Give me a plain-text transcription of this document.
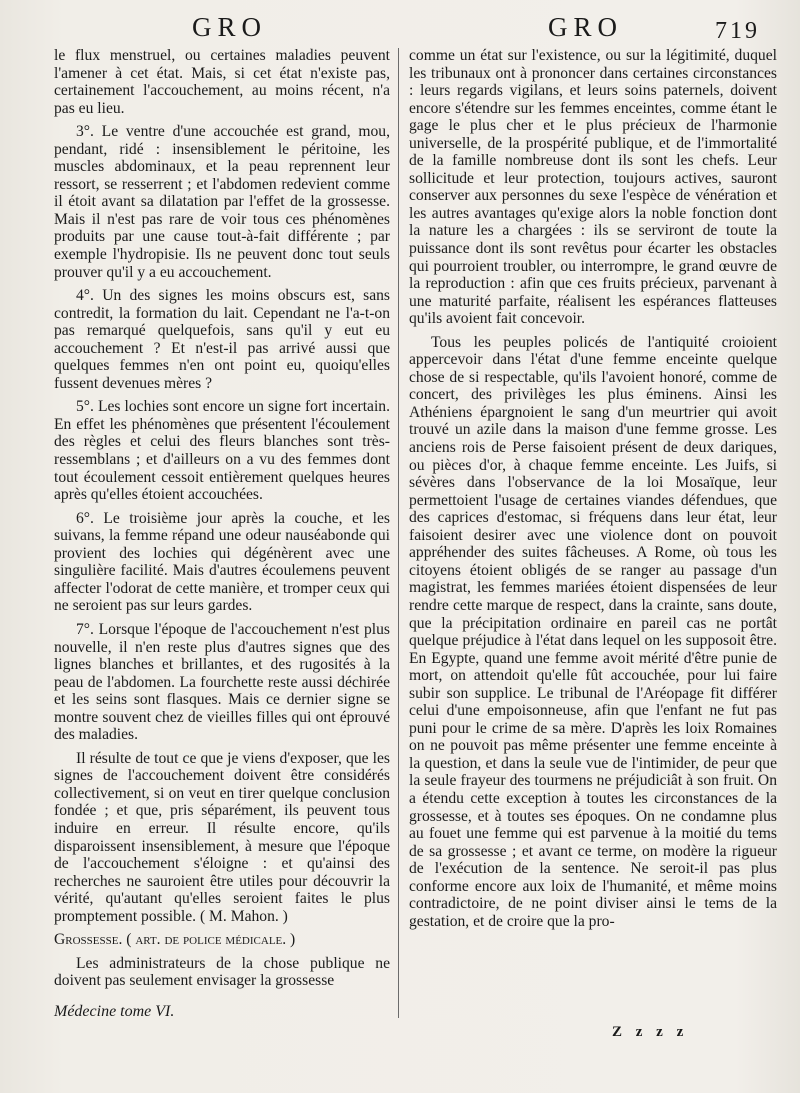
GRO	GRO	719

le flux menstruel, ou certaines maladies peuvent l'amener à cet état. Mais, si cet état n'existe pas, certainement l'accouchement, au moins récent, n'a pas eu lieu.

3°. Le ventre d'une accouchée est grand, mou, pendant, ridé : insensiblement le péritoine, les muscles abdominaux, et la peau reprennent leur ressort, se resserrent ; et l'abdomen redevient comme il étoit avant sa dilatation par l'effet de la grossesse. Mais il n'est pas rare de voir tous ces phénomènes produits par une cause tout-à-fait différente ; par exemple l'hydropisie. Ils ne peuvent donc tout seuls prouver qu'il y a eu accouchement.

4°. Un des signes les moins obscurs est, sans contredit, la formation du lait. Cependant ne l'a-t-on pas remarqué quelquefois, sans qu'il y eut eu accouchement ? Et n'est-il pas arrivé aussi que quelques femmes n'en ont point eu, quoiqu'elles fussent devenues mères ?

5°. Les lochies sont encore un signe fort incertain. En effet les phénomènes que présentent l'écoulement des règles et celui des fleurs blanches sont très-ressemblans ; et d'ailleurs on a vu des femmes dont tout écoulement cessoit entièrement quelques heures après qu'elles étoient accouchées.

6°. Le troisième jour après la couche, et les suivans, la femme répand une odeur nauséabonde qui provient des lochies qui dégénèrent avec une singulière facilité. Mais d'autres écoulemens peuvent affecter l'odorat de cette manière, et tromper ceux qui ne seroient pas sur leurs gardes.

7°. Lorsque l'époque de l'accouchement n'est plus nouvelle, il n'en reste plus d'autres signes que des lignes blanches et brillantes, et des rugosités à la peau de l'abdomen. La fourchette reste aussi déchirée et les seins sont flasques. Mais ce dernier signe se montre souvent chez de vieilles filles qui ont éprouvé des maladies.

Il résulte de tout ce que je viens d'exposer, que les signes de l'accouchement doivent être considérés collectivement, si on veut en tirer quelque conclusion fondée ; et que, pris séparément, ils peuvent tous induire en erreur. Il résulte encore, qu'ils disparoissent insensiblement, à mesure que l'époque de l'accouchement s'éloigne : et qu'ainsi des recherches ne sauroient être utiles pour découvrir la vérité, qu'autant qu'elles seroient faites le plus promptement possible. ( M. Mahon. )

Grossesse. ( art. de police médicale. )

Les administrateurs de la chose publique ne doivent pas seulement envisager la grossesse

comme un état sur l'existence, ou sur la légitimité, duquel les tribunaux ont à prononcer dans certaines circonstances : leurs regards vigilans, et leurs soins paternels, doivent encore s'étendre sur les femmes enceintes, comme étant le gage le plus cher et le plus précieux de l'harmonie universelle, de la prospérité publique, et de l'immortalité de la famille nombreuse dont ils sont les chefs. Leur sollicitude et leur protection, toujours actives, sauront conserver aux personnes du sexe l'espèce de vénération et les autres avantages qu'exige alors la noble fonction dont la nature les a chargées : ils se serviront de toute la puissance dont ils sont revêtus pour écarter les obstacles qui pourroient troubler, ou interrompre, le grand œuvre de la reproduction : afin que ces fruits précieux, parvenant à une maturité parfaite, réalisent les espérances flatteuses qu'ils avoient fait concevoir.

Tous les peuples policés de l'antiquité croioient appercevoir dans l'état d'une femme enceinte quelque chose de si respectable, qu'ils l'avoient honoré, comme de concert, des privilèges les plus éminens. Ainsi les Athéniens épargnoient le sang d'un meurtrier qui avoit trouvé un azile dans la maison d'une femme grosse. Les anciens rois de Perse faisoient présent de deux dariques, ou pièces d'or, à chaque femme enceinte. Les Juifs, si sévères dans l'observance de la loi Mosaïque, leur permettoient l'usage de certaines viandes défendues, que des caprices d'estomac, si fréquens dans leur état, leur faisoient desirer avec une violence dont on pouvoit appréhender des suites fâcheuses. A Rome, où tous les citoyens étoient obligés de se ranger au passage d'un magistrat, les femmes mariées étoient dispensées de leur rendre cette marque de respect, dans la crainte, sans doute, que la précipitation ordinaire en pareil cas ne portât quelque préjudice à l'état dans lequel on les supposoit être. En Egypte, quand une femme avoit mérité d'être punie de mort, on attendoit qu'elle fût accouchée, pour lui faire subir son supplice. Le tribunal de l'Aréopage fit différer celui d'une empoisonneuse, afin que l'enfant ne fut pas puni pour le crime de sa mère. D'après les loix Romaines on ne pouvoit pas même présenter une femme enceinte à la question, et dans la seule vue de l'intimider, de peur que la seule frayeur des tourmens ne préjudiciât à son fruit. On a étendu cette exception à toutes les circonstances de la grossesse, et à toutes ses époques. On ne condamne plus au fouet une femme qui est parvenue à la moitié du tems de sa grossesse ; et avant ce terme, on modère la rigueur de l'exécution de la sentence. Ne seroit-il pas plus conforme encore aux loix de l'humanité, et même moins contradictoire, de ne point diviser ainsi le tems de la gestation, et de croire que la pro-

Médecine tome VI.
Z z z z
